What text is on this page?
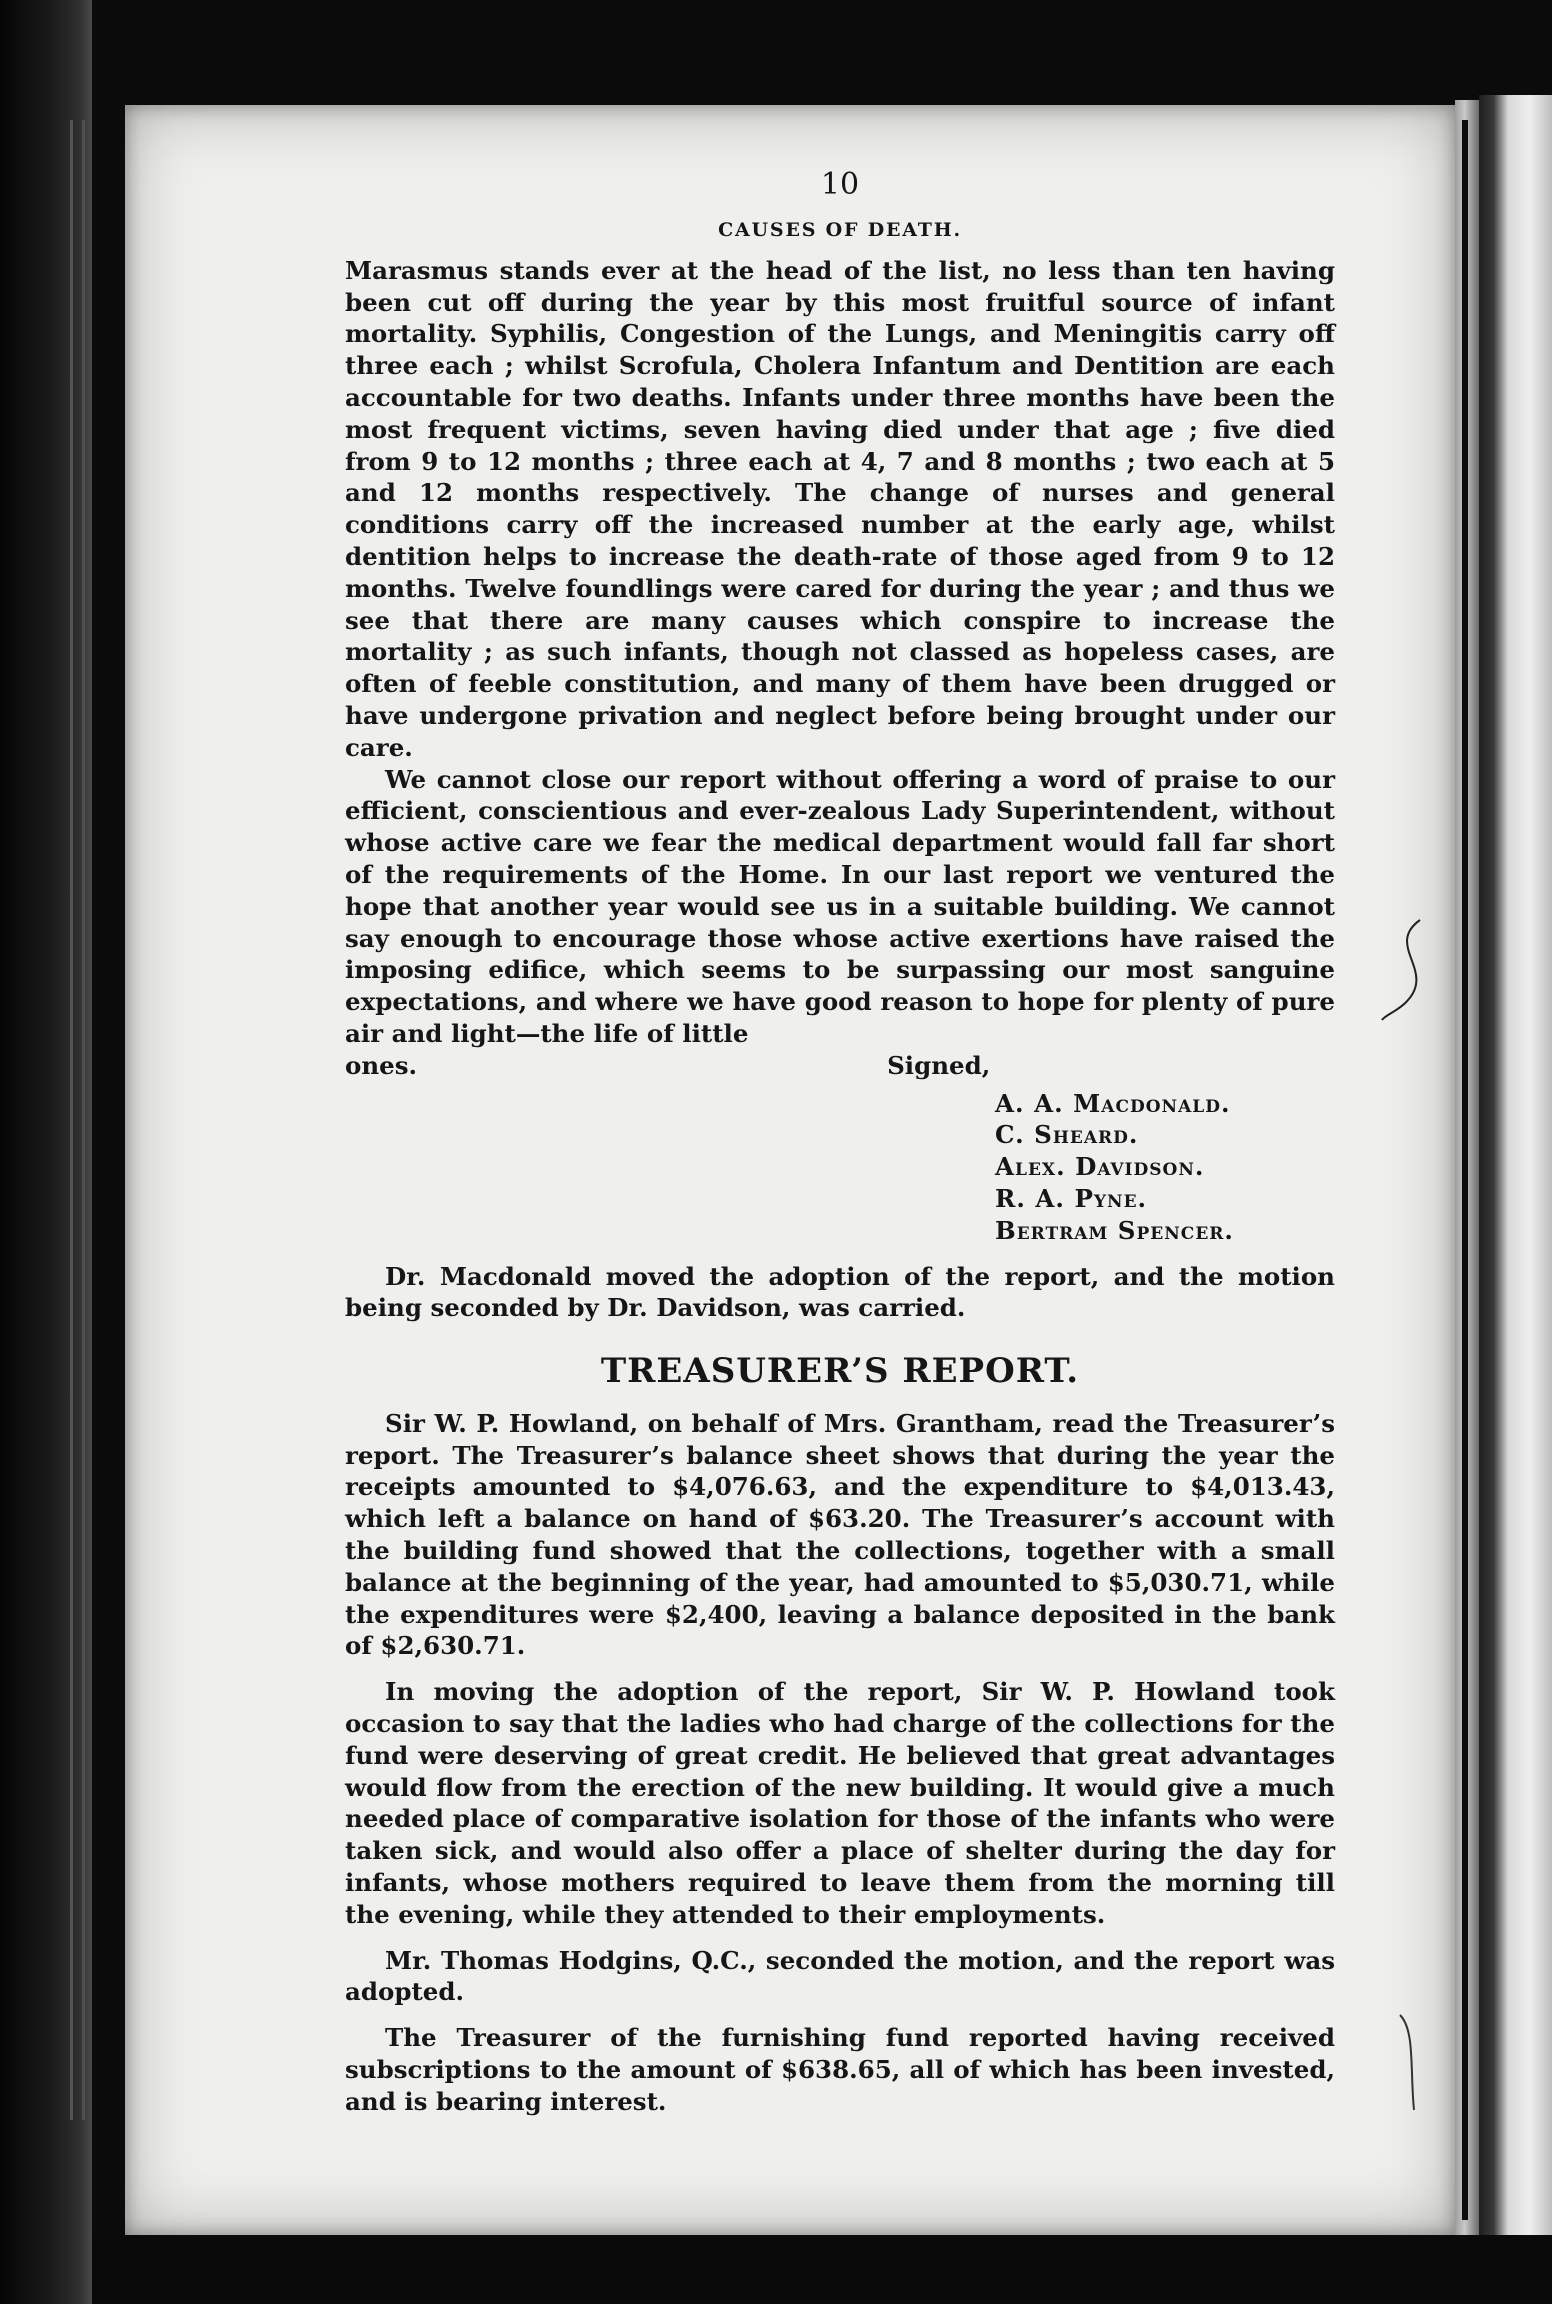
10
CAUSES OF DEATH.

Marasmus stands ever at the head of the list, no less than ten having been cut off during the year by this most fruitful source of infant mortality. Syphilis, Congestion of the Lungs, and Meningitis carry off three each ; whilst Scrofula, Cholera Infantum and Dentition are each accountable for two deaths. Infants under three months have been the most frequent victims, seven having died under that age ; five died from 9 to 12 months ; three each at 4, 7 and 8 months ; two each at 5 and 12 months respectively. The change of nurses and general conditions carry off the increased number at the early age, whilst dentition helps to increase the death-rate of those aged from 9 to 12 months. Twelve foundlings were cared for during the year ; and thus we see that there are many causes which conspire to increase the mortality ; as such infants, though not classed as hopeless cases, are often of feeble constitution, and many of them have been drugged or have undergone privation and neglect before being brought under our care.

We cannot close our report without offering a word of praise to our efficient, conscientious and ever-zealous Lady Superintendent, without whose active care we fear the medical department would fall far short of the requirements of the Home. In our last report we ventured the hope that another year would see us in a suitable building. We cannot say enough to encourage those whose active exertions have raised the imposing edifice, which seems to be surpassing our most sanguine expectations, and where we have good reason to hope for plenty of pure air and light—the life of little

ones.	Signed,

A. A. Macdonald.
C. Sheard.
Alex. Davidson.
R. A. Pyne.
Bertram Spencer.

Dr. Macdonald moved the adoption of the report, and the motion being seconded by Dr. Davidson, was carried.

TREASURER’S REPORT.

Sir W. P. Howland, on behalf of Mrs. Grantham, read the Treasurer’s report. The Treasurer’s balance sheet shows that during the year the receipts amounted to $4,076.63, and the expenditure to $4,013.43, which left a balance on hand of $63.20. The Treasurer’s account with the building fund showed that the collections, together with a small balance at the beginning of the year, had amounted to $5,030.71, while the expenditures were $2,400, leaving a balance deposited in the bank of $2,630.71.

In moving the adoption of the report, Sir W. P. Howland took occasion to say that the ladies who had charge of the collections for the fund were deserving of great credit. He believed that great advantages would flow from the erection of the new building. It would give a much needed place of comparative isolation for those of the infants who were taken sick, and would also offer a place of shelter during the day for infants, whose mothers required to leave them from the morning till the evening, while they attended to their employments.

Mr. Thomas Hodgins, Q.C., seconded the motion, and the report was adopted.

The Treasurer of the furnishing fund reported having received subscriptions to the amount of $638.65, all of which has been invested, and is bearing interest.
